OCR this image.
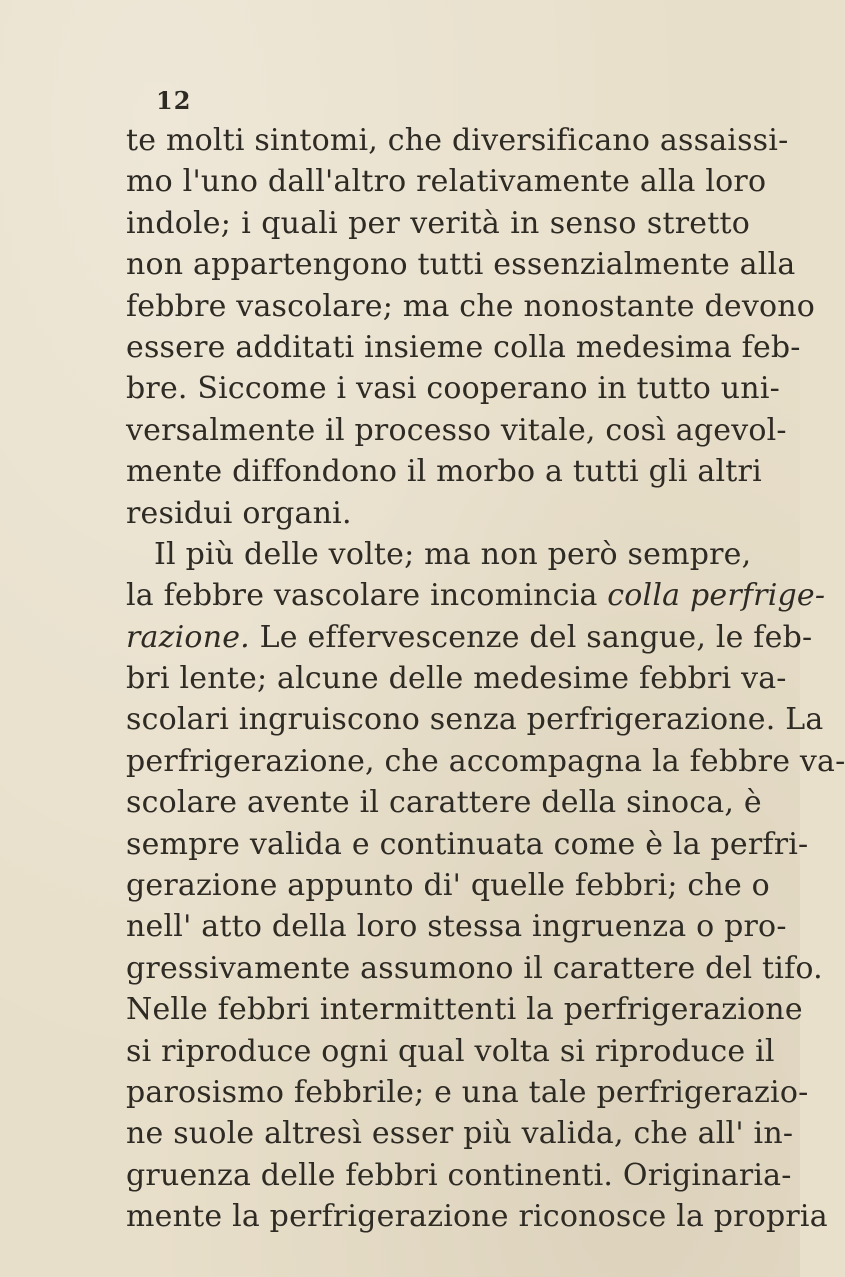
12
te molti sintomi, che diversificano assaissi-
mo l'uno dall'altro relativamente alla loro
indole; i quali per verità in senso stretto
non appartengono tutti essenzialmente alla
febbre vascolare; ma che nonostante devono
essere additati insieme colla medesima feb-
bre. Siccome i vasi cooperano in tutto uni-
versalmente il processo vitale, così agevol-
mente diffondono il morbo a tutti gli altri
residui organi.
Il più delle volte; ma non però sempre,
la febbre vascolare incomincia colla perfrige-
razione. Le effervescenze del sangue, le feb-
bri lente; alcune delle medesime febbri va-
scolari ingruiscono senza perfrigerazione. La
perfrigerazione, che accompagna la febbre va-
scolare avente il carattere della sinoca, è
sempre valida e continuata come è la perfri-
gerazione appunto di' quelle febbri; che o
nell' atto della loro stessa ingruenza o pro-
gressivamente assumono il carattere del tifo.
Nelle febbri intermittenti la perfrigerazione
si riproduce ogni qual volta si riproduce il
parosismo febbrile; e una tale perfrigerazio-
ne suole altresì esser più valida, che all' in-
gruenza delle febbri continenti. Originaria-
mente la perfrigerazione riconosce la propria
